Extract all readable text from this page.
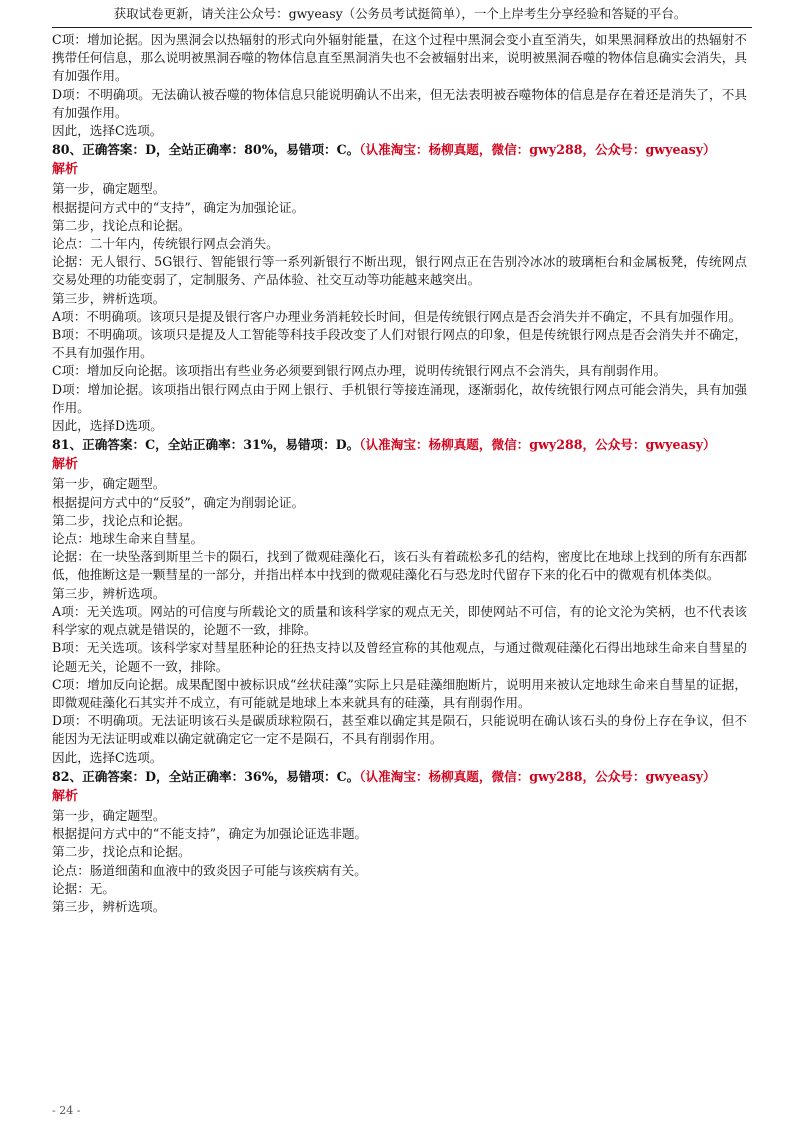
获取试卷更新，请关注公众号：gwyeasy（公务员考试挺简单），一个上岸考生分享经验和答疑的平台。
C项：增加论据。因为黑洞会以热辐射的形式向外辐射能量，在这个过程中黑洞会变小直至消失，如果黑洞释放出的热辐射不携带任何信息，那么说明被黑洞吞噬的物体信息直至黑洞消失也不会被辐射出来，说明被黑洞吞噬的物体信息确实会消失，具有加强作用。
D项：不明确项。无法确认被吞噬的物体信息只能说明确认不出来，但无法表明被吞噬物体的信息是存在着还是消失了，不具有加强作用。
因此，选择C选项。
80、正确答案：D，全站正确率：80%，易错项：C。（认准淘宝：杨柳真题，微信：gwy288，公众号：gwyeasy）
解析
第一步，确定题型。
根据提问方式中的“支持”，确定为加强论证。
第二步，找论点和论据。
论点：二十年内，传统银行网点会消失。
论据：无人银行、5G银行、智能银行等一系列新银行不断出现，银行网点正在告别冷冰冰的玻璃柜台和金属板凳，传统网点交易处理的功能变弱了，定制服务、产品体验、社交互动等功能越来越突出。
第三步，辨析选项。
A项：不明确项。该项只是提及银行客户办理业务消耗较长时间，但是传统银行网点是否会消失并不确定，不具有加强作用。
B项：不明确项。该项只是提及人工智能等科技手段改变了人们对银行网点的印象，但是传统银行网点是否会消失并不确定，不具有加强作用。
C项：增加反向论据。该项指出有些业务必须要到银行网点办理，说明传统银行网点不会消失，具有削弱作用。
D项：增加论据。该项指出银行网点由于网上银行、手机银行等接连涌现，逐渐弱化，故传统银行网点可能会消失，具有加强作用。
因此，选择D选项。
81、正确答案：C，全站正确率：31%，易错项：D。（认准淘宝：杨柳真题，微信：gwy288，公众号：gwyeasy）
解析
第一步，确定题型。
根据提问方式中的“反驳”，确定为削弱论证。
第二步，找论点和论据。
论点：地球生命来自彗星。
论据：在一块坠落到斯里兰卡的陨石，找到了微观硅藻化石，该石头有着疏松多孔的结构，密度比在地球上找到的所有东西都低，他推断这是一颗彗星的一部分，并指出样本中找到的微观硅藻化石与恐龙时代留存下来的化石中的微观有机体类似。
第三步，辨析选项。
A项：无关选项。网站的可信度与所载论文的质量和该科学家的观点无关，即使网站不可信，有的论文沦为笑柄，也不代表该科学家的观点就是错误的，论题不一致，排除。
B项：无关选项。该科学家对彗星胚种论的狂热支持以及曾经宣称的其他观点，与通过微观硅藻化石得出地球生命来自彗星的论题无关，论题不一致，排除。
C项：增加反向论据。成果配图中被标识成“丝状硅藻”实际上只是硅藻细胞断片，说明用来被认定地球生命来自彗星的证据，即微观硅藻化石其实并不成立，有可能就是地球上本来就具有的硅藻，具有削弱作用。
D项：不明确项。无法证明该石头是碳质球粒陨石，甚至难以确定其是陨石，只能说明在确认该石头的身份上存在争议，但不能因为无法证明或难以确定就确定它一定不是陨石，不具有削弱作用。
因此，选择C选项。
82、正确答案：D，全站正确率：36%，易错项：C。（认准淘宝：杨柳真题，微信：gwy288，公众号：gwyeasy）
解析
第一步，确定题型。
根据提问方式中的“不能支持”，确定为加强论证选非题。
第二步，找论点和论据。
论点：肠道细菌和血液中的致炎因子可能与该疾病有关。
论据：无。
第三步，辨析选项。
- 24 -
